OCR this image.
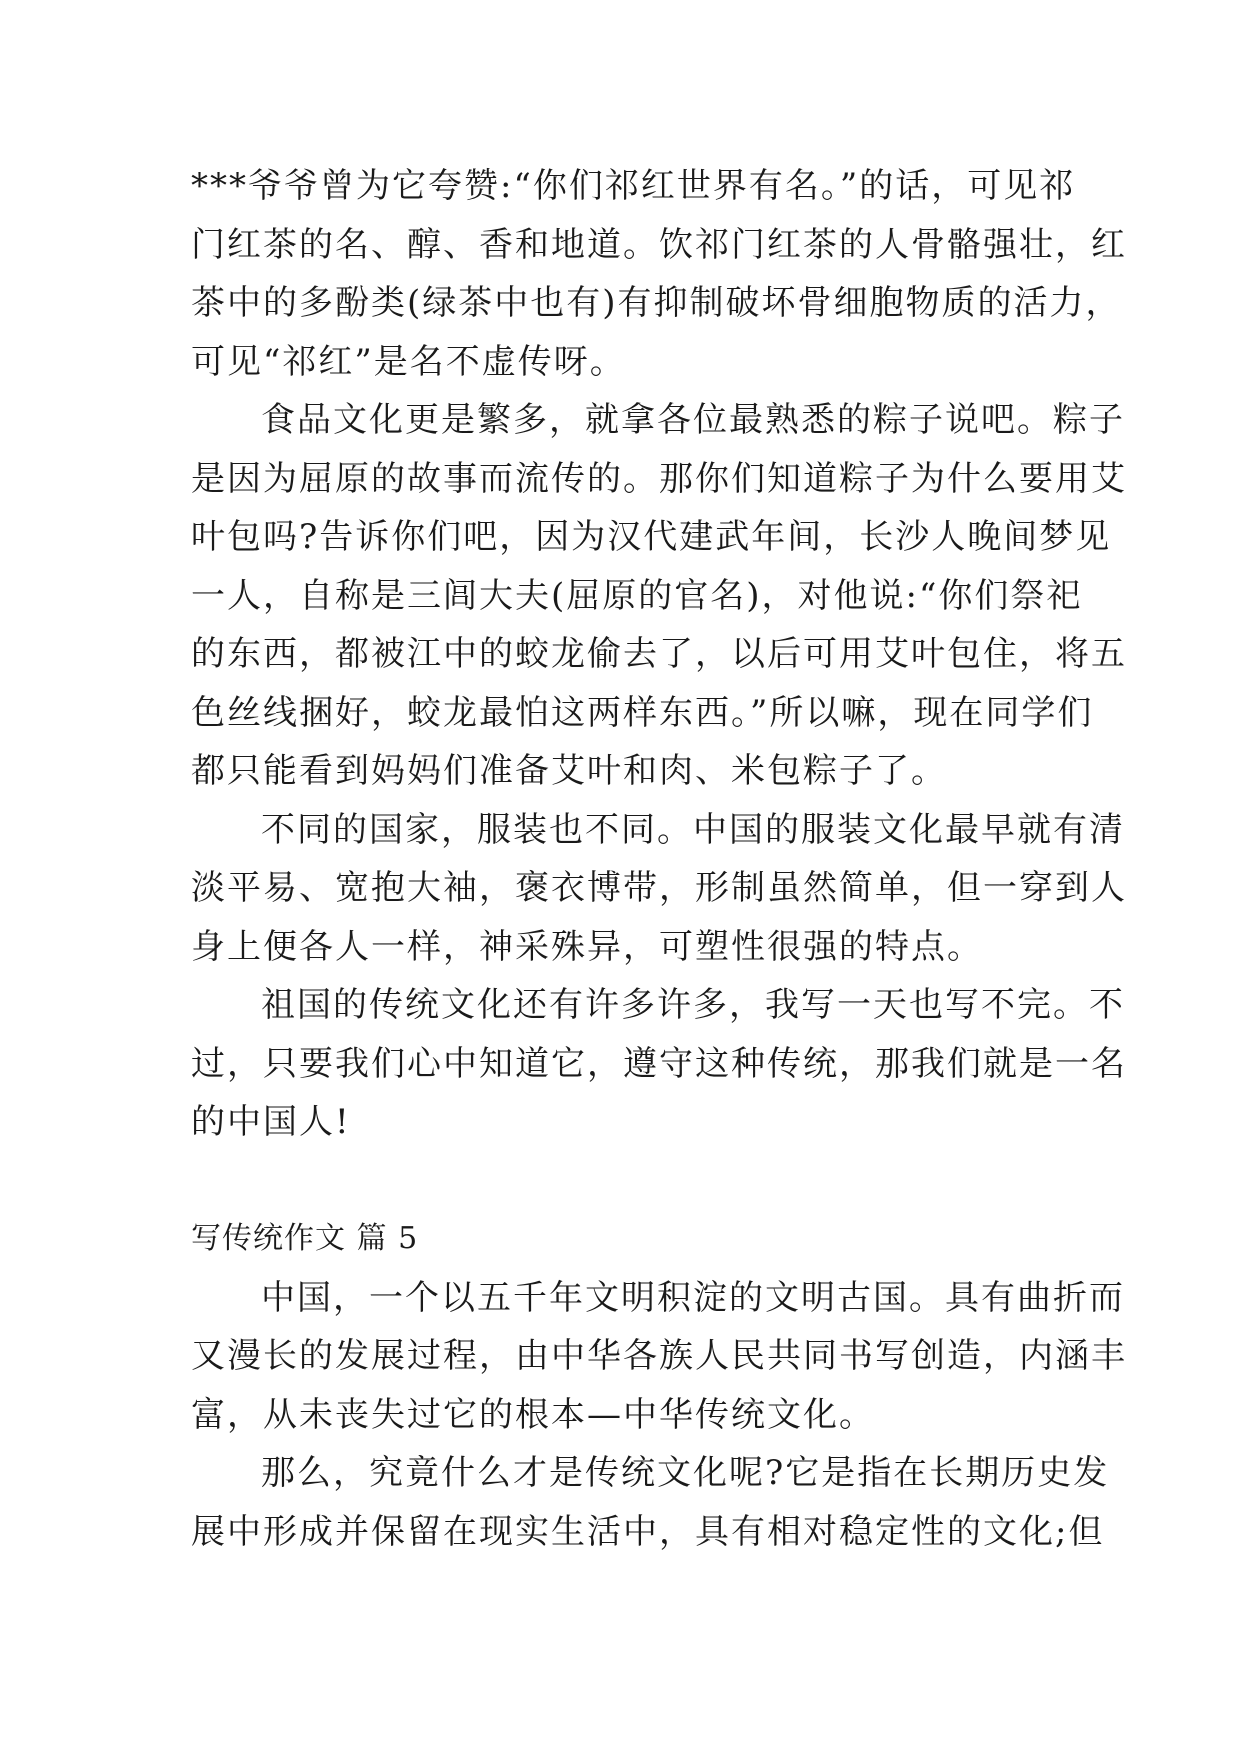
***爷爷曾为它夸赞:“你们祁红世界有名。”的话，可见祁
门红茶的名、醇、香和地道。饮祁门红茶的人骨骼强壮，红
茶中的多酚类(绿茶中也有)有抑制破坏骨细胞物质的活力，
可见“祁红”是名不虚传呀。
食品文化更是繁多，就拿各位最熟悉的粽子说吧。粽子
是因为屈原的故事而流传的。那你们知道粽子为什么要用艾
叶包吗?告诉你们吧，因为汉代建武年间，长沙人晚间梦见
一人，自称是三闾大夫(屈原的官名)，对他说:“你们祭祀
的东西，都被江中的蛟龙偷去了，以后可用艾叶包住，将五
色丝线捆好，蛟龙最怕这两样东西。”所以嘛，现在同学们
都只能看到妈妈们准备艾叶和肉、米包粽子了。
不同的国家，服装也不同。中国的服装文化最早就有清
淡平易、宽抱大袖，褒衣博带，形制虽然简单，但一穿到人
身上便各人一样，神采殊异，可塑性很强的特点。
祖国的传统文化还有许多许多，我写一天也写不完。不
过，只要我们心中知道它，遵守这种传统，那我们就是一名
的中国人!
写传统作文 篇 5
中国，一个以五千年文明积淀的文明古国。具有曲折而
又漫长的发展过程，由中华各族人民共同书写创造，内涵丰
富，从未丧失过它的根本—中华传统文化。
那么，究竟什么才是传统文化呢?它是指在长期历史发
展中形成并保留在现实生活中，具有相对稳定性的文化;但
